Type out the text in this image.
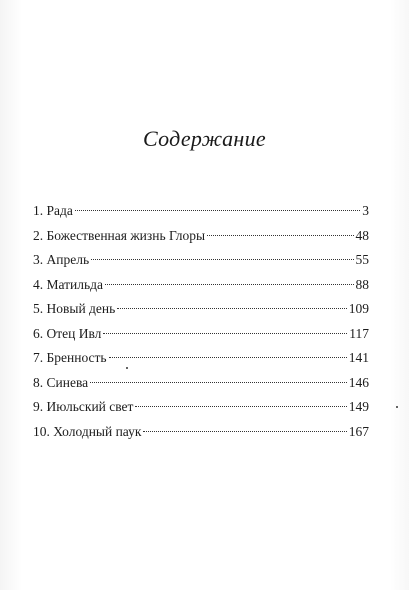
Содержание
1. Рада	3
2. Божественная жизнь Глоры	48
3. Апрель	55
4. Матильда	88
5. Новый день	109
6. Отец Ивл	117
7. Бренность	141
8. Синева	146
9. Июльский свет	149
10. Холодный паук	167
